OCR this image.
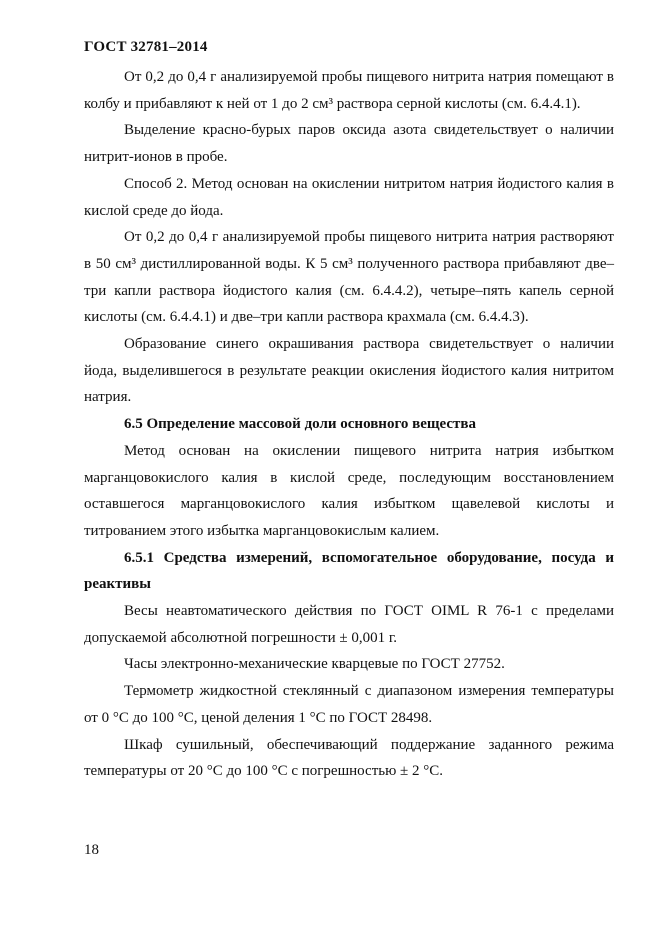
ГОСТ 32781–2014

От 0,2 до 0,4 г анализируемой пробы пищевого нитрита натрия помещают в колбу и прибавляют к ней от 1 до 2 см³ раствора серной кислоты (см. 6.4.4.1).

Выделение красно-бурых паров оксида азота свидетельствует о наличии нитрит-ионов в пробе.

Способ 2. Метод основан на окислении нитритом натрия йодистого калия в кислой среде до йода.

От 0,2 до 0,4 г анализируемой пробы пищевого нитрита натрия растворяют в 50 см³ дистиллированной воды. К 5 см³ полученного раствора прибавляют две–три капли раствора йодистого калия (см. 6.4.4.2), четыре–пять капель серной кислоты (см. 6.4.4.1) и две–три капли раствора крахмала (см. 6.4.4.3).

Образование синего окрашивания раствора свидетельствует о наличии йода, выделившегося в результате реакции окисления йодистого калия нитритом натрия.

6.5 Определение массовой доли основного вещества

Метод основан на окислении пищевого нитрита натрия избытком марганцовокислого калия в кислой среде, последующим восстановлением оставшегося марганцовокислого калия избытком щавелевой кислоты и титрованием этого избытка марганцовокислым калием.

6.5.1 Средства измерений, вспомогательное оборудование, посуда и реактивы

Весы неавтоматического действия по ГОСТ OIML R 76-1 с пределами допускаемой абсолютной погрешности ± 0,001 г.

Часы электронно-механические кварцевые по ГОСТ 27752.

Термометр жидкостной стеклянный с диапазоном измерения температуры от 0 °С до 100 °С, ценой деления 1 °С по ГОСТ 28498.

Шкаф сушильный, обеспечивающий поддержание заданного режима температуры от 20 °С до 100 °С с погрешностью ± 2 °С.

18
